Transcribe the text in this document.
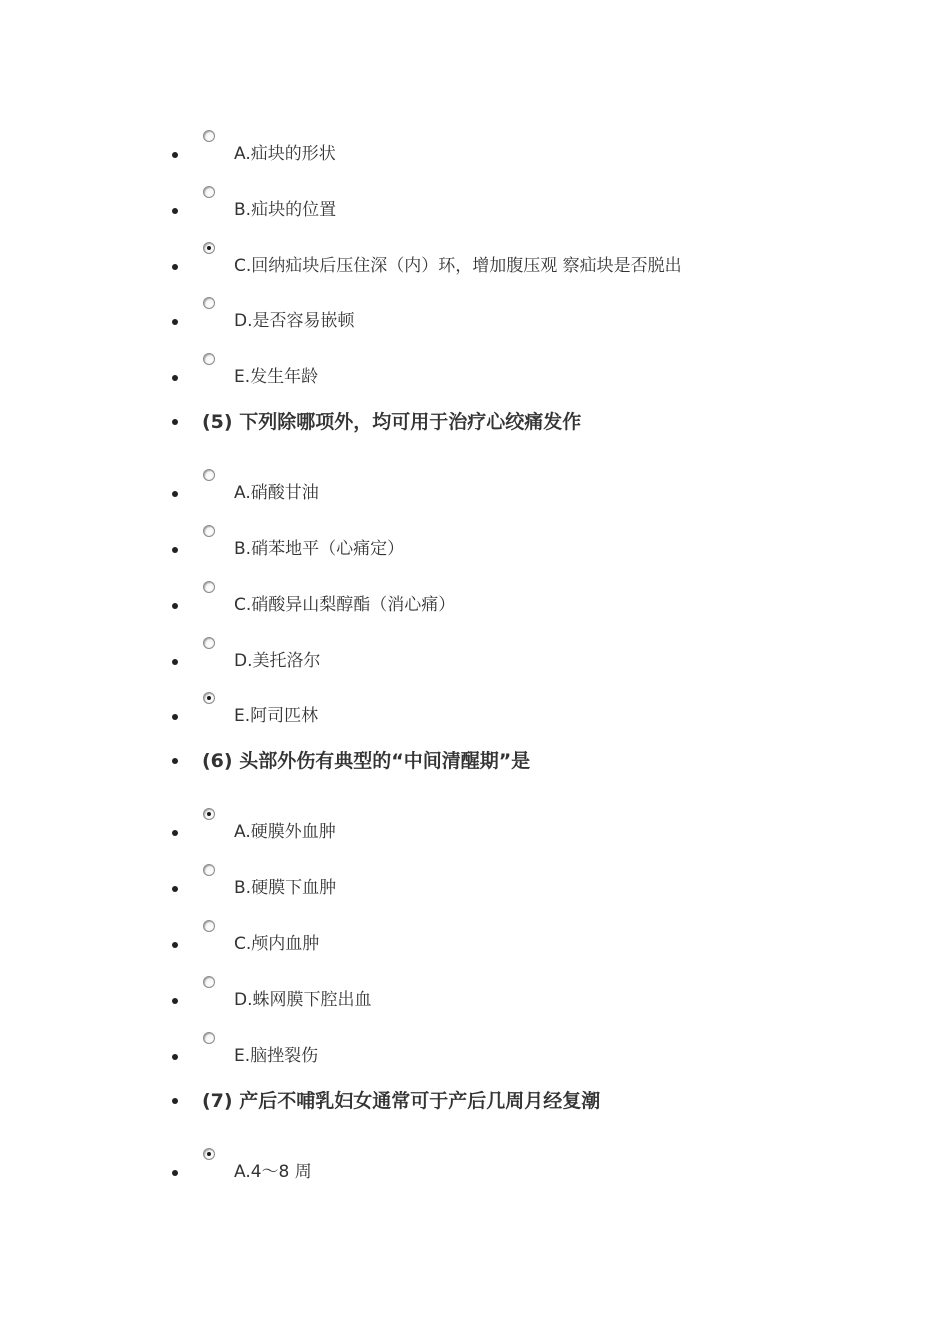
A.疝块的形状
B.疝块的位置
C.回纳疝块后压住深（内）环，增加腹压观 察疝块是否脱出
D.是否容易嵌顿
E.发生年龄
(5) 下列除哪项外，均可用于治疗心绞痛发作
A.硝酸甘油
B.硝苯地平（心痛定）
C.硝酸异山梨醇酯（消心痛）
D.美托洛尔
E.阿司匹林
(6) 头部外伤有典型的“中间清醒期”是
A.硬膜外血肿
B.硬膜下血肿
C.颅内血肿
D.蛛网膜下腔出血
E.脑挫裂伤
(7) 产后不哺乳妇女通常可于产后几周月经复潮
A.4～8 周
